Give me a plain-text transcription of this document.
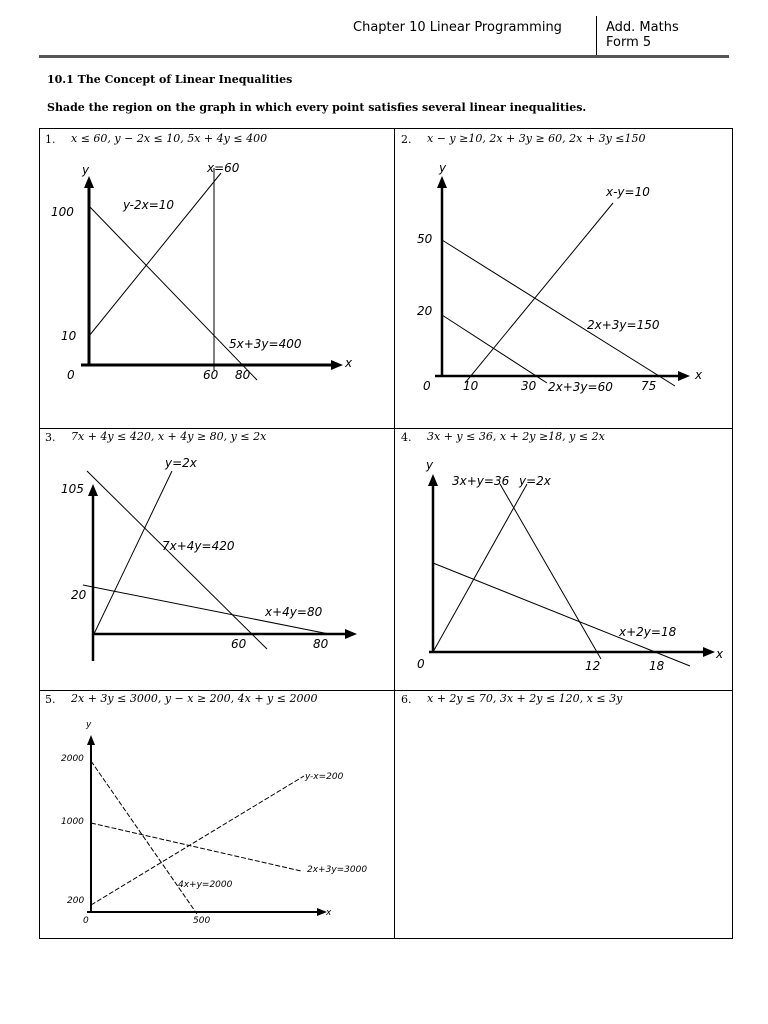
Chapter 10 Linear Programming	Add. Maths
Form 5
10.1 The Concept of Linear Inequalities
Shade the region on the graph in which every point satisfies several linear inequalities.
1. x ≤ 60, y − 2x ≤ 10, 5x + 4y ≤ 400
y
x
0	60 80
100
10
x=60
y-2x=10
5x+3y=400
2. x − y ≥10, 2x + 3y ≥ 60, 2x + 3y ≤150
y
x
0	10	30	75
50
20
x-y=10
2x+3y=150
2x+3y=60
3. 7x + 4y ≤ 420, x + 4y ≥ 80, y ≤ 2x
60	80
105
20
y=2x
7x+4y=420
x+4y=80
4. 3x + y ≤ 36, x + 2y ≥18, y ≤ 2x
y
x
0	12	18
3x+y=36 y=2x
x+2y=18
5. 2x + 3y ≤ 3000, y − x ≥ 200, 4x + y ≤ 2000
y
x
0	500
2000
1000
200
y-x=200
2x+3y=3000
4x+y=2000
6. x + 2y ≤ 70, 3x + 2y ≤ 120, x ≤ 3y
